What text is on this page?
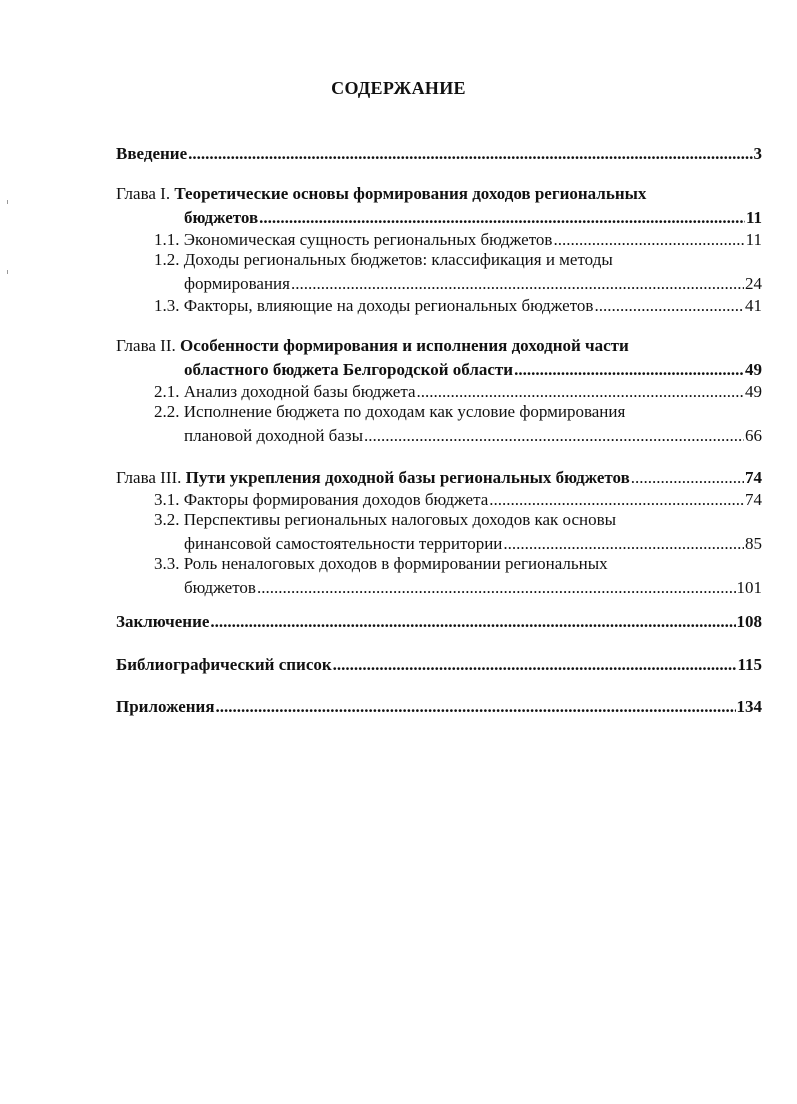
СОДЕРЖАНИЕ
Введение .....	3
Глава I. Теоретические основы формирования доходов региональных
бюджетов .....	11
1.1. Экономическая сущность региональных бюджетов .....	11
1.2. Доходы региональных бюджетов: классификация и методы
формирования .....	24
1.3. Факторы, влияющие на доходы региональных бюджетов .....	41
Глава II. Особенности формирования и исполнения доходной части
областного бюджета Белгородской области .....	49
2.1. Анализ доходной базы бюджета .....	49
2.2. Исполнение бюджета по доходам как условие формирования
плановой доходной базы .....	66
Глава III. Пути укрепления доходной базы региональных бюджетов .....	74
3.1. Факторы формирования доходов бюджета .....	74
3.2. Перспективы региональных налоговых доходов как основы
финансовой самостоятельности территории .....	85
3.3. Роль неналоговых доходов в формировании региональных
бюджетов .....	101
Заключение .....	108
Библиографический список .....	115
Приложения .....	134
